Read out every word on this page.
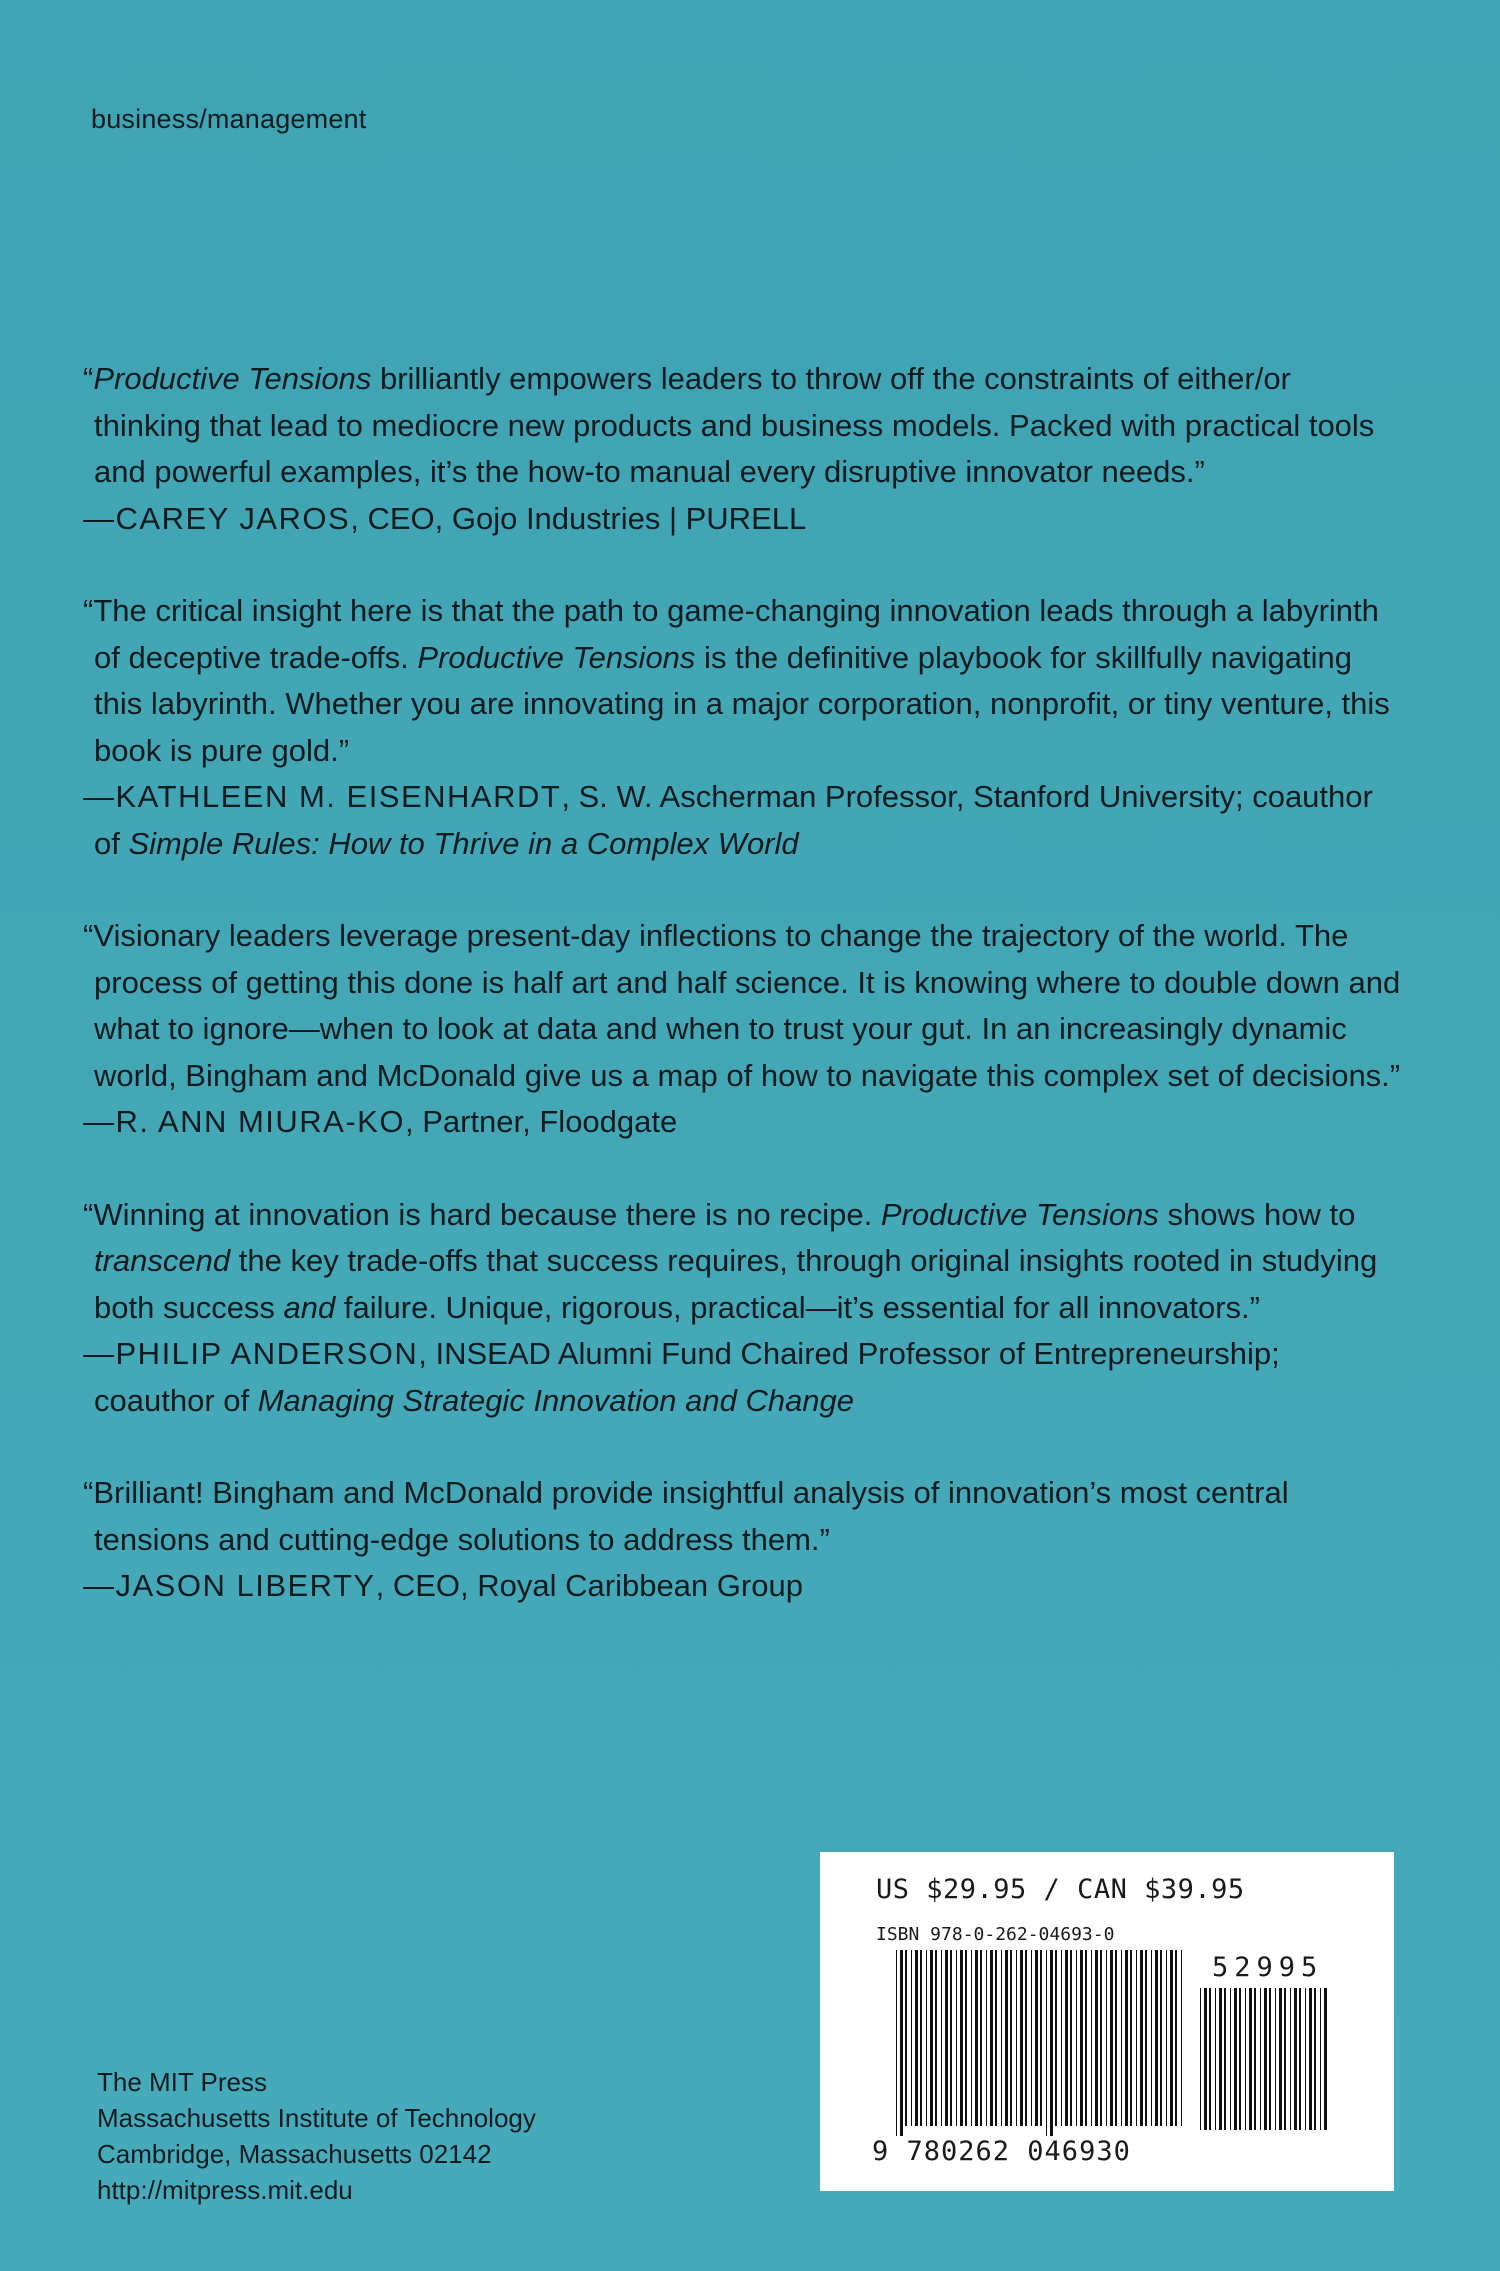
business/management

“Productive Tensions brilliantly empowers leaders to throw off the constraints of either/or thinking that lead to mediocre new products and business models. Packed with practical tools and powerful examples, it’s the how-to manual every disruptive innovator needs.”

—CAREY JAROS, CEO, Gojo Industries | PURELL

“The critical insight here is that the path to game-changing innovation leads through a labyrinth of deceptive trade-offs. Productive Tensions is the definitive playbook for skillfully navigating this labyrinth. Whether you are innovating in a major corporation, nonprofit, or tiny venture, this book is pure gold.”

—KATHLEEN M. EISENHARDT, S. W. Ascherman Professor, Stanford University; coauthor of Simple Rules: How to Thrive in a Complex World

“Visionary leaders leverage present-day inflections to change the trajectory of the world. The process of getting this done is half art and half science. It is knowing where to double down and what to ignore—when to look at data and when to trust your gut. In an increasingly dynamic world, Bingham and McDonald give us a map of how to navigate this complex set of decisions.”

—R. ANN MIURA-KO, Partner, Floodgate

“Winning at innovation is hard because there is no recipe. Productive Tensions shows how to transcend the key trade-offs that success requires, through original insights rooted in studying both success and failure. Unique, rigorous, practical—it’s essential for all innovators.”

—PHILIP ANDERSON, INSEAD Alumni Fund Chaired Professor of Entrepreneurship; coauthor of Managing Strategic Innovation and Change

“Brilliant! Bingham and McDonald provide insightful analysis of innovation’s most central tensions and cutting-edge solutions to address them.”

—JASON LIBERTY, CEO, Royal Caribbean Group

The MIT Press
Massachusetts Institute of Technology
Cambridge, Massachusetts 02142
http://mitpress.mit.edu
US $29.95 / CAN $39.95
ISBN 978-0-262-04693-0
52995
9 780262 046930
